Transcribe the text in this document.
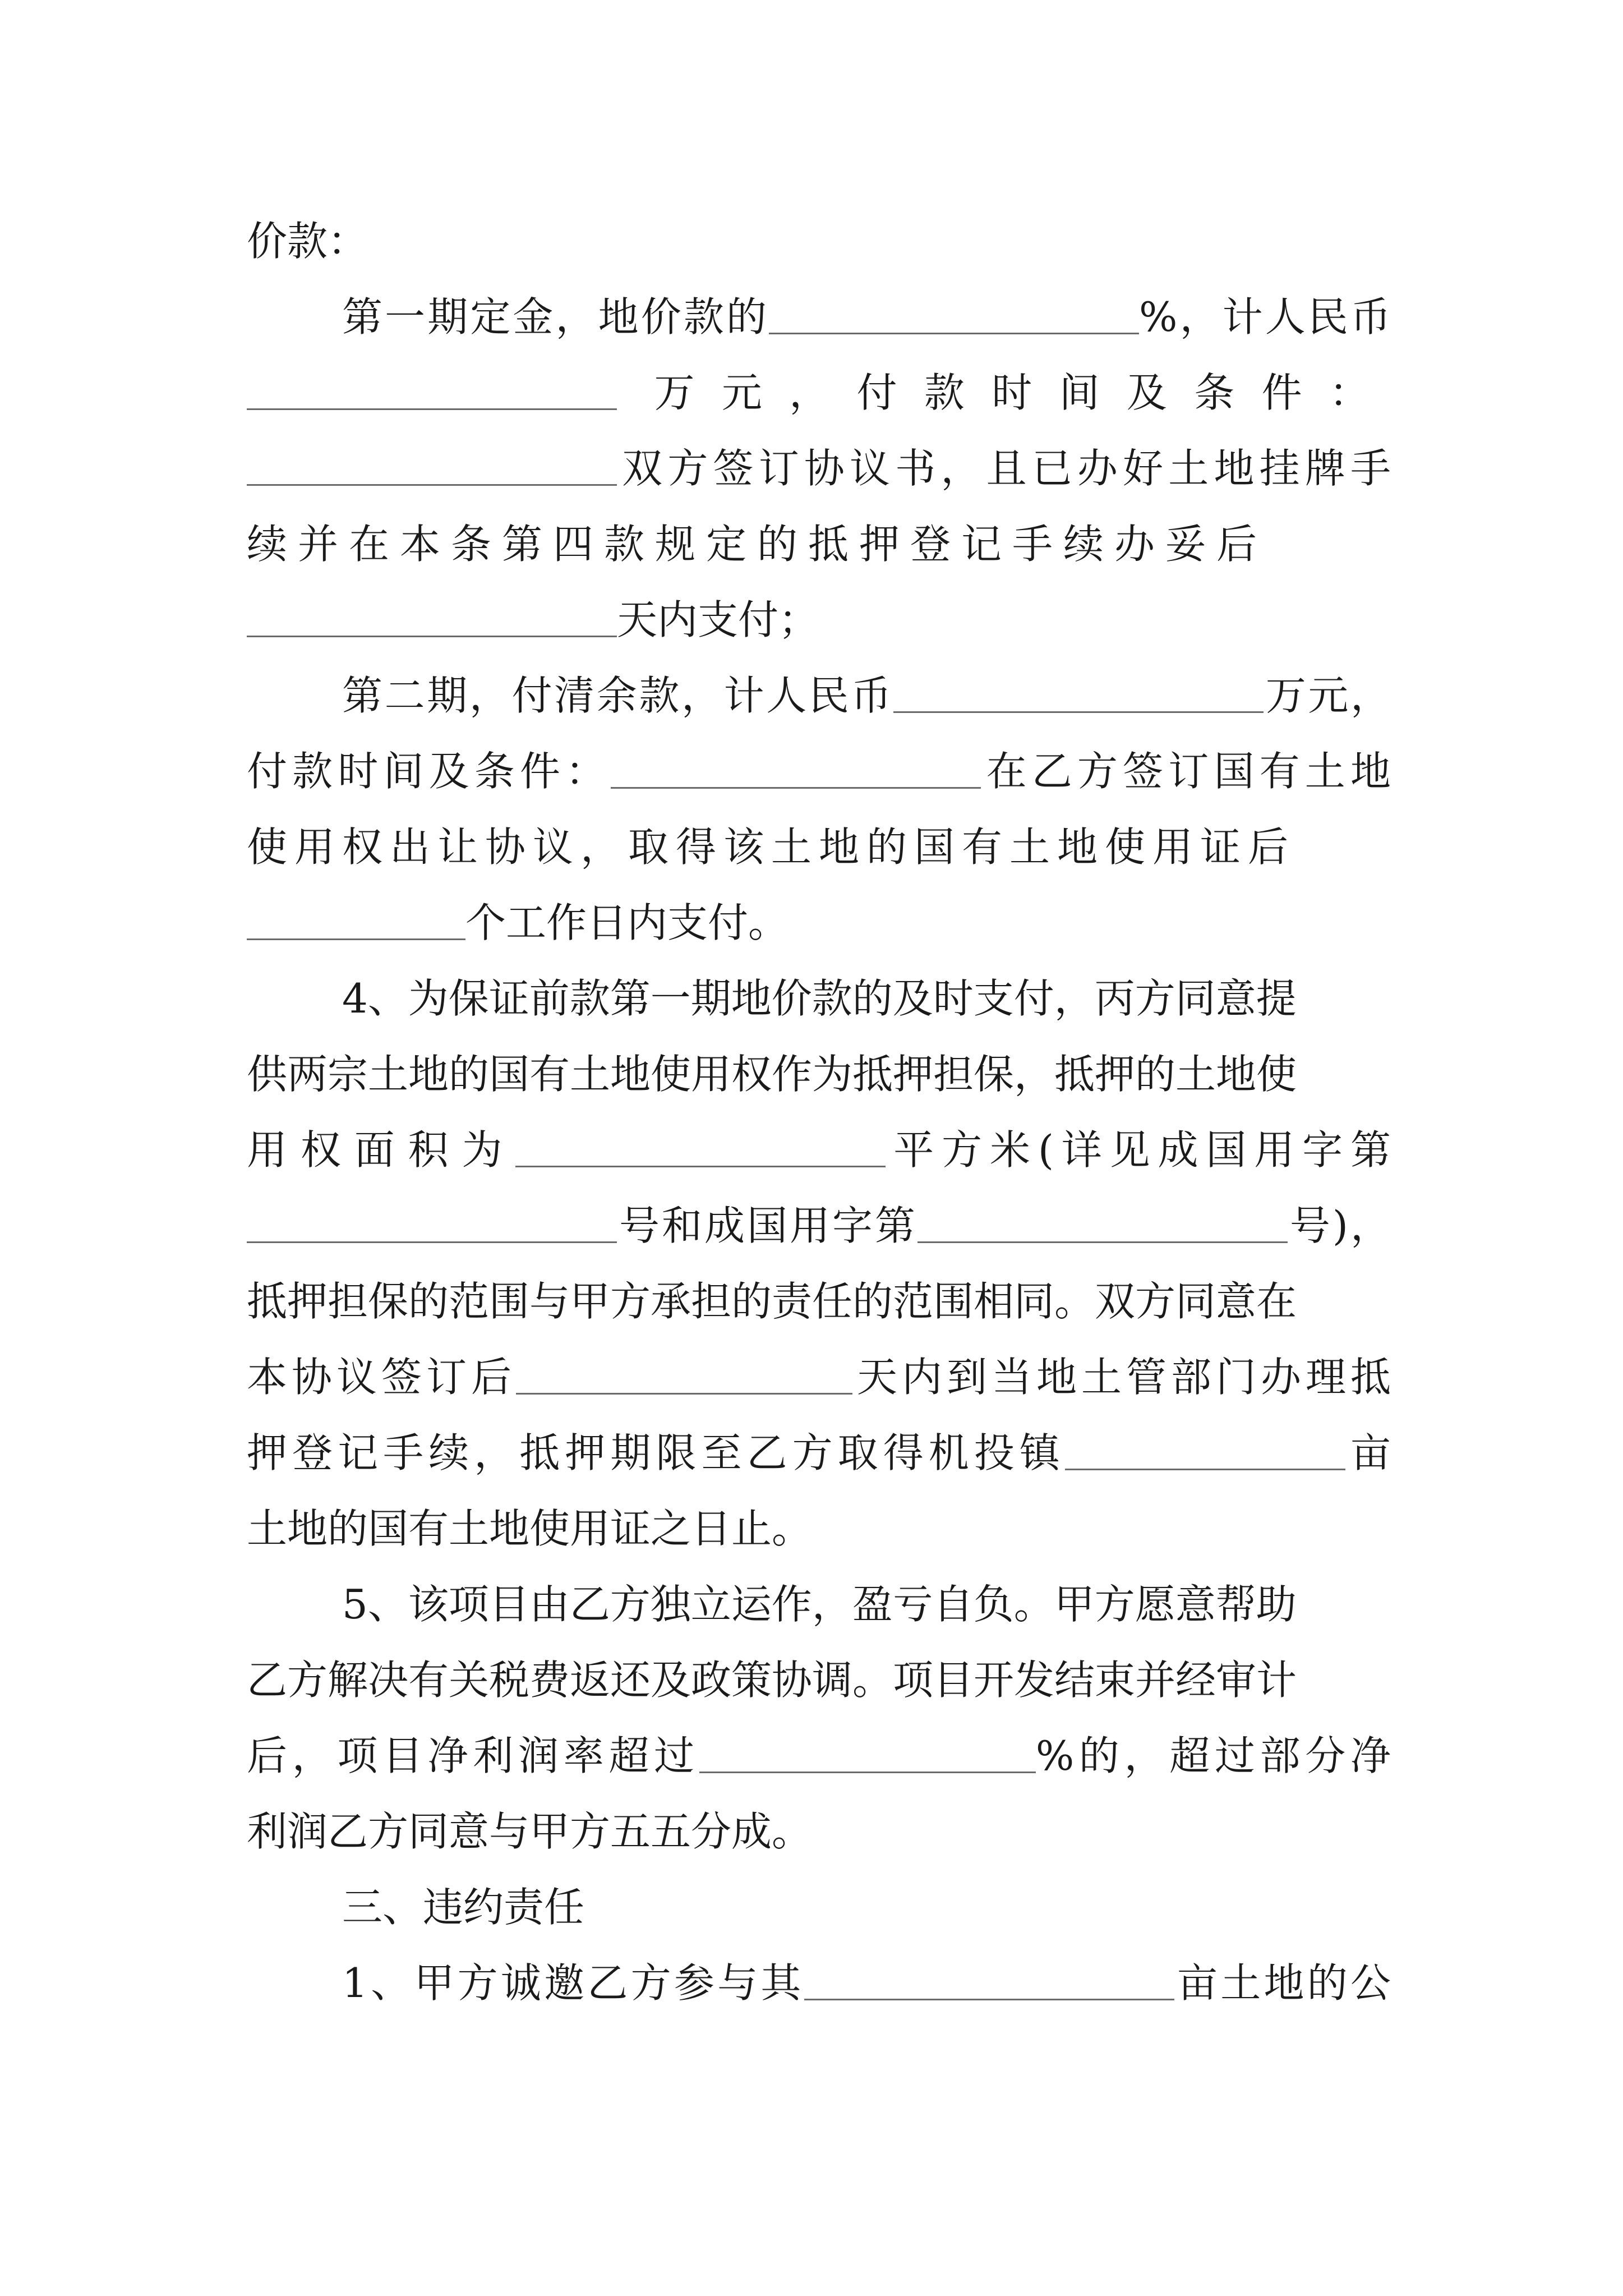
价款：
第一期定金，地价款的	%，计人民币
万元，付款时间及条件：
双方签订协议书，且已办好土地挂牌手
续并在本条第四款规定的抵押登记手续办妥后
天内支付；
第二期，付清余款，计人民币	万元，
付款时间及条件：	在乙方签订国有土地
使用权出让协议，取得该土地的国有土地使用证后
个工作日内支付。
4、为保证前款第一期地价款的及时支付，丙方同意提
供两宗土地的国有土地使用权作为抵押担保，抵押的土地使
用权面积为	平方米(详见成国用字第
号和成国用字第	号)，
抵押担保的范围与甲方承担的责任的范围相同。双方同意在
本协议签订后	天内到当地土管部门办理抵
押登记手续，抵押期限至乙方取得机投镇	亩
土地的国有土地使用证之日止。
5、该项目由乙方独立运作，盈亏自负。甲方愿意帮助
乙方解决有关税费返还及政策协调。项目开发结束并经审计
后，项目净利润率超过	%的，超过部分净
利润乙方同意与甲方五五分成。
三、违约责任
1、甲方诚邀乙方参与其	亩土地的公
